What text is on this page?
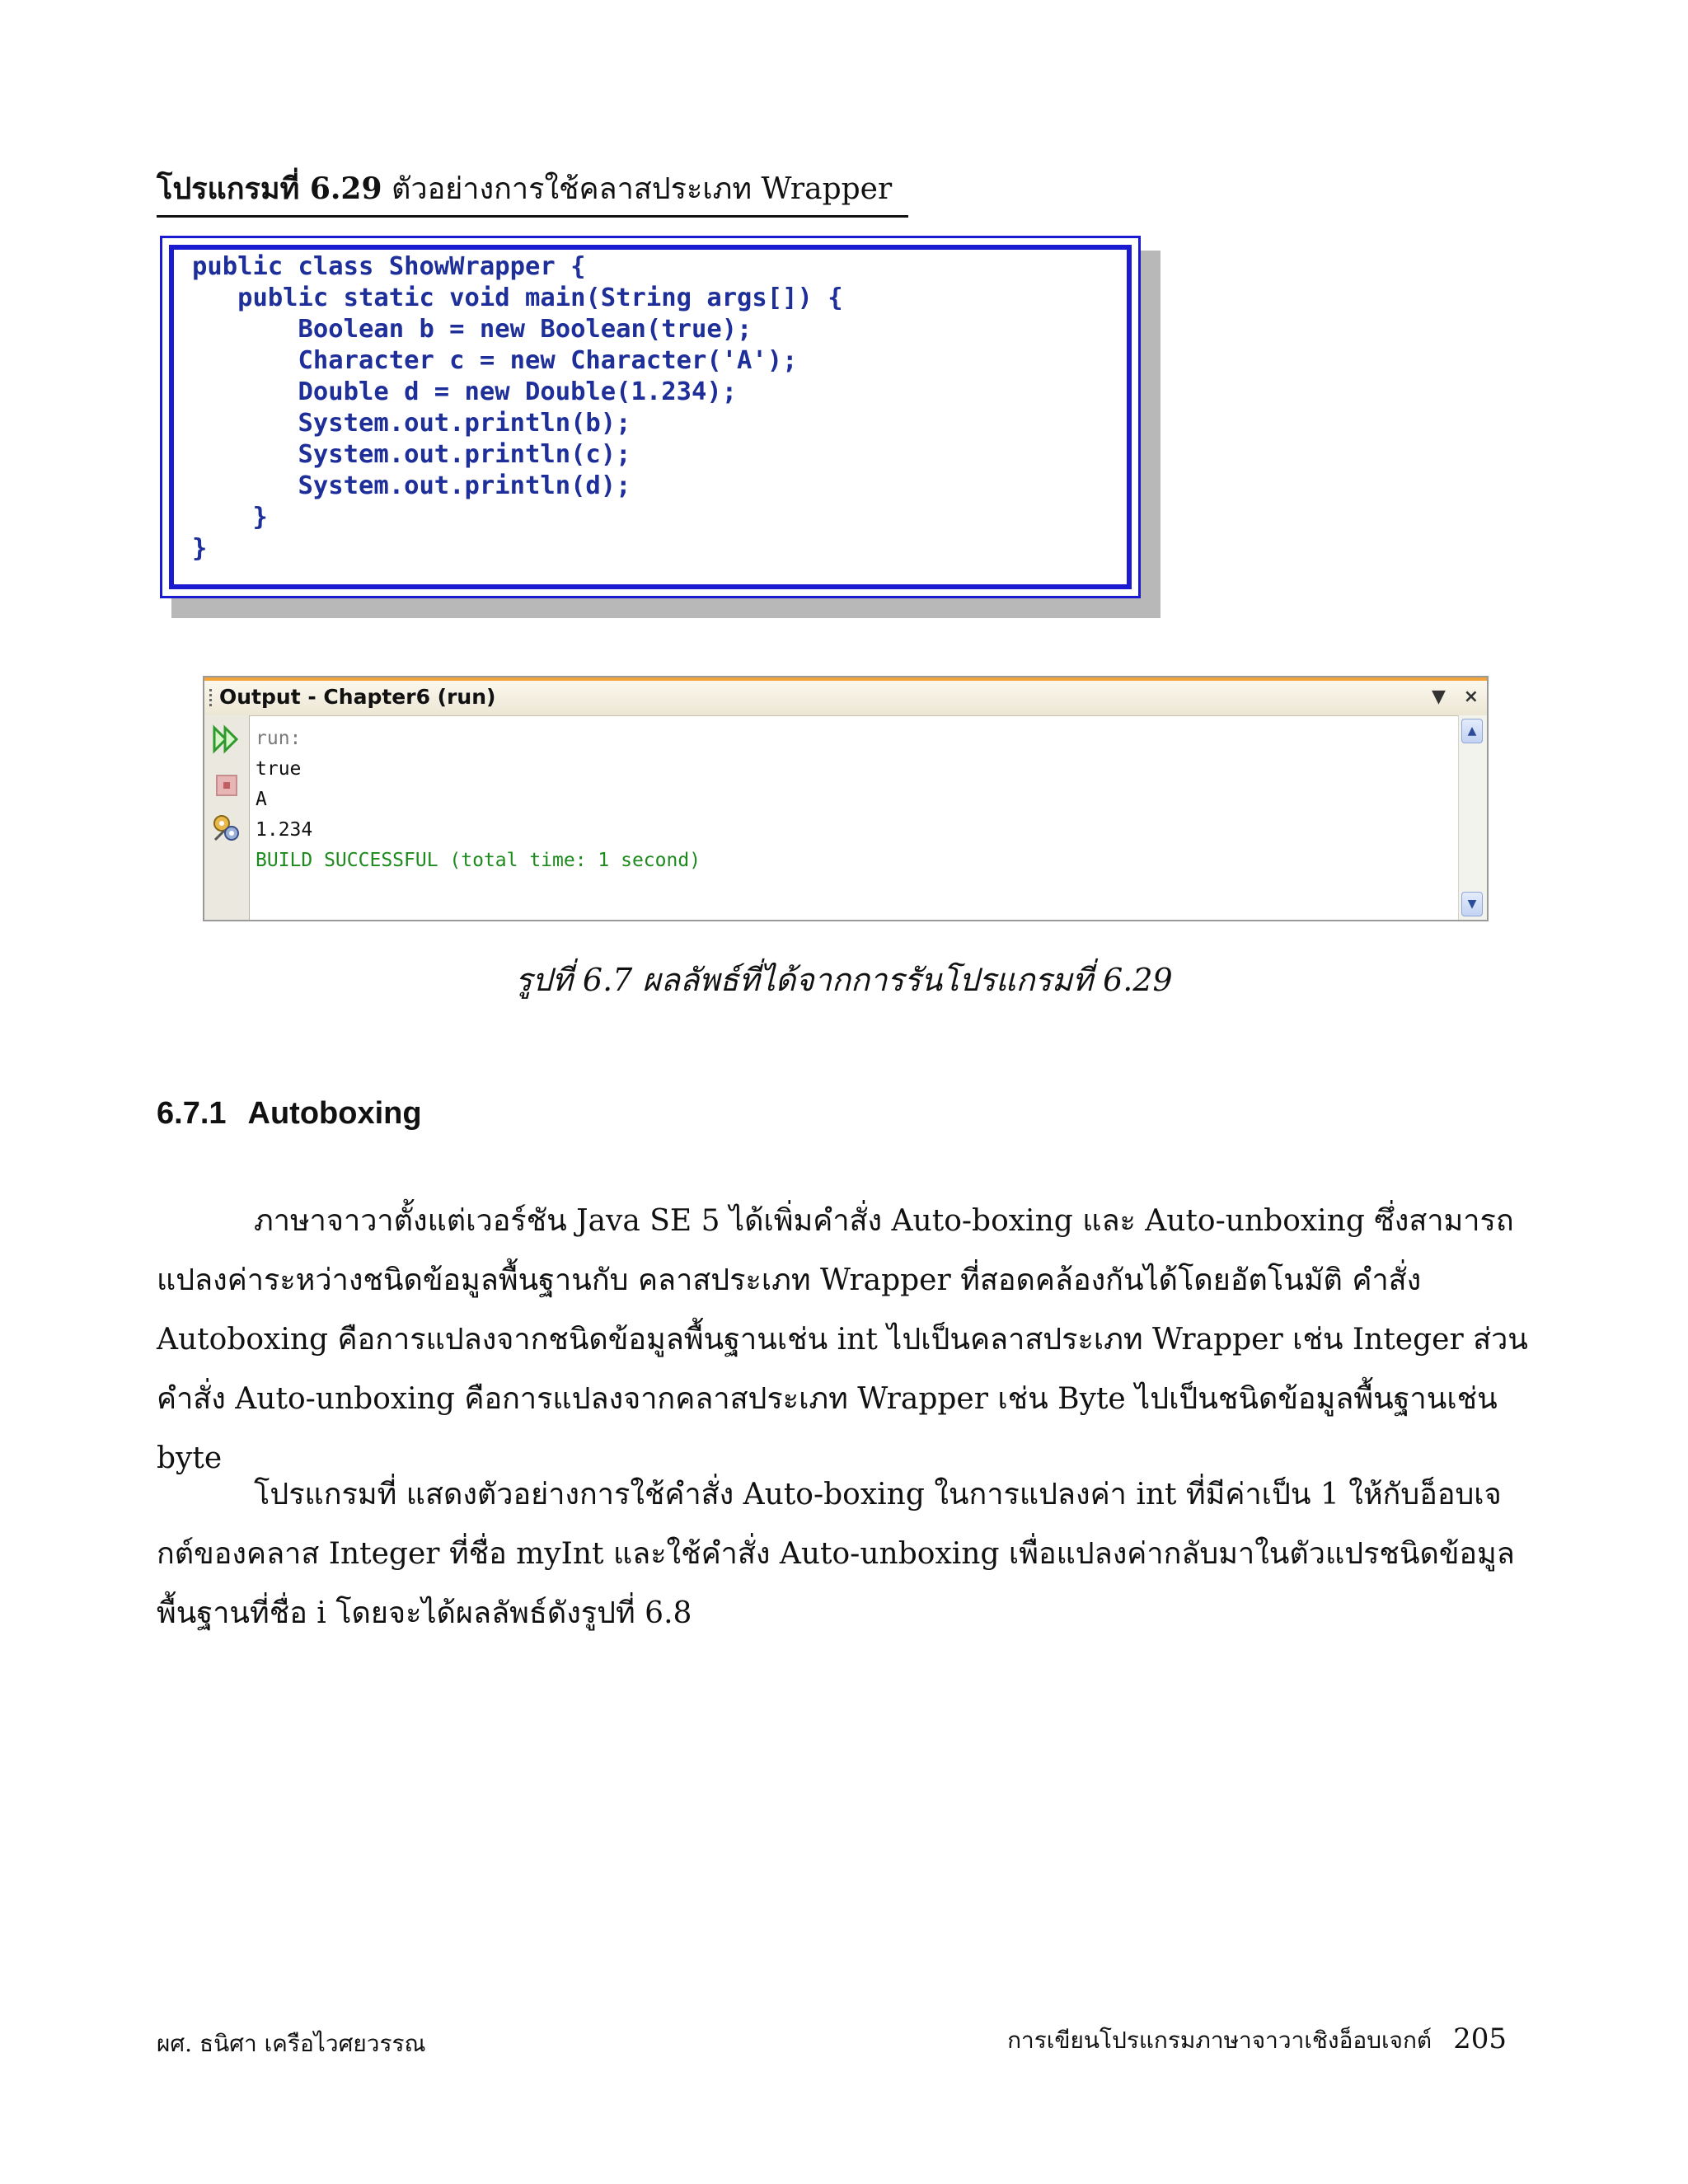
โปรแกรมที่ 6.29 ตัวอย่างการใช้คลาสประเภท Wrapper
public class ShowWrapper {
public static void main(String args[]) {
Boolean b = new Boolean(true);
Character c = new Character('A');
Double d = new Double(1.234);
System.out.println(b);
System.out.println(c);
System.out.println(d);
}
}
Output - Chapter6 (run)	▼ ×
run:
true
A
1.234
BUILD SUCCESSFUL (total time: 1 second)
▲
▼
รูปที่ 6.7 ผลลัพธ์ที่ได้จากการรันโปรแกรมที่ 6.29
6.7.1 Autoboxing

ภาษาจาวาตั้งแต่เวอร์ชัน Java SE 5 ได้เพิ่มคำสั่ง Auto-boxing และ Auto-unboxing ซึ่งสามารถแปลงค่าระหว่างชนิดข้อมูลพื้นฐานกับ คลาสประเภท Wrapper ที่สอดคล้องกันได้โดยอัตโนมัติ คำสั่ง Autoboxing คือการแปลงจากชนิดข้อมูลพื้นฐานเช่น int ไปเป็นคลาสประเภท Wrapper เช่น Integer ส่วนคำสั่ง Auto-unboxing คือการแปลงจากคลาสประเภท Wrapper เช่น Byte ไปเป็นชนิดข้อมูลพื้นฐานเช่น byte

โปรแกรมที่ แสดงตัวอย่างการใช้คำสั่ง Auto-boxing ในการแปลงค่า int ที่มีค่าเป็น 1 ให้กับอ็อบเจกต์ของคลาส Integer ที่ชื่อ myInt และใช้คำสั่ง Auto-unboxing เพื่อแปลงค่ากลับมาในตัวแปรชนิดข้อมูลพื้นฐานที่ชื่อ i โดยจะได้ผลลัพธ์ดังรูปที่ 6.8

ผศ. ธนิศา เครือไวศยวรรณ	การเขียนโปรแกรมภาษาจาวาเชิงอ็อบเจกต์ 205
